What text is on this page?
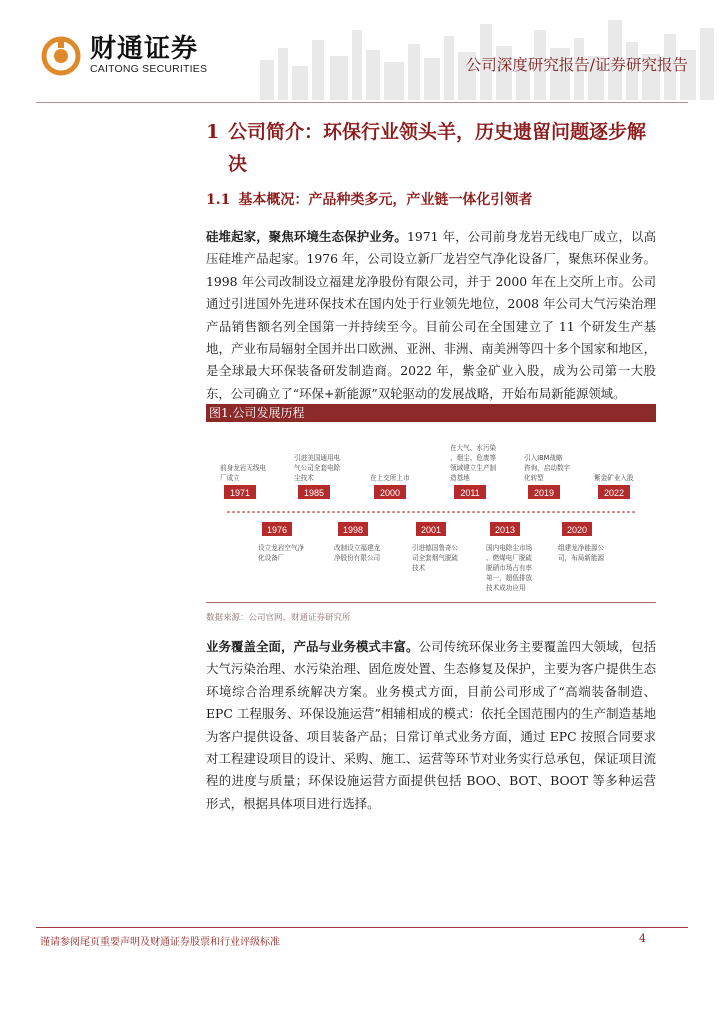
财通证券
CAITONG SECURITIES	公司深度研究报告/证券研究报告
1 公司简介：环保行业领头羊，历史遗留问题逐步解
决
1.1 基本概况：产品种类多元，产业链一体化引领者
硅堆起家，聚焦环境生态保护业务。1971 年，公司前身龙岩无线电厂成立，以高压硅堆产品起家。1976 年，公司设立新厂龙岩空气净化设备厂，聚焦环保业务。1998 年公司改制设立福建龙净股份有限公司，并于 2000 年在上交所上市。公司通过引进国外先进环保技术在国内处于行业领先地位，2008 年公司大气污染治理产品销售额名列全国第一并持续至今。目前公司在全国建立了 11 个研发生产基地，产业布局辐射全国并出口欧洲、亚洲、非洲、南美洲等四十多个国家和地区，是全球最大环保装备研发制造商。2022 年，紫金矿业入股，成为公司第一大股东，公司确立了“环保+新能源”双轮驱动的发展战略，开始布局新能源领域。
图1.公司发展历程
1971
前身龙岩无线电
厂成立
1985
引进美国通用电
气公司全套电除
尘技术
2000
在上交所上市
2011
在大气、水污染
、烟尘、危废等
领域建立生产制
造基地
2019
引入IBM战略
咨询，启动数字
化转型
2022
紫金矿业入股
1976
设立龙岩空气净
化设备厂
1998
改制设立福建龙
净股份有限公司
2001
引进德国鲁奇公
司全套烟气脱硫
技术
2013
国内电除尘市场
、燃煤电厂脱硫
脱硝市场占有率
第一，超低排放
技术成功应用
2020
组建龙净能源公
司，布局新能源
数据来源：公司官网、财通证券研究所
业务覆盖全面，产品与业务模式丰富。公司传统环保业务主要覆盖四大领域，包括大气污染治理、水污染治理、固危废处置、生态修复及保护，主要为客户提供生态环境综合治理系统解决方案。业务模式方面，目前公司形成了“高端装备制造、EPC 工程服务、环保设施运营”相辅相成的模式：依托全国范围内的生产制造基地为客户提供设备、项目装备产品；日常订单式业务方面，通过 EPC 按照合同要求对工程建设项目的设计、采购、施工、运营等环节对业务实行总承包，保证项目流程的进度与质量；环保设施运营方面提供包括 BOO、BOT、BOOT 等多种运营形式，根据具体项目进行选择。
谨请参阅尾页重要声明及财通证券股票和行业评级标准	4
